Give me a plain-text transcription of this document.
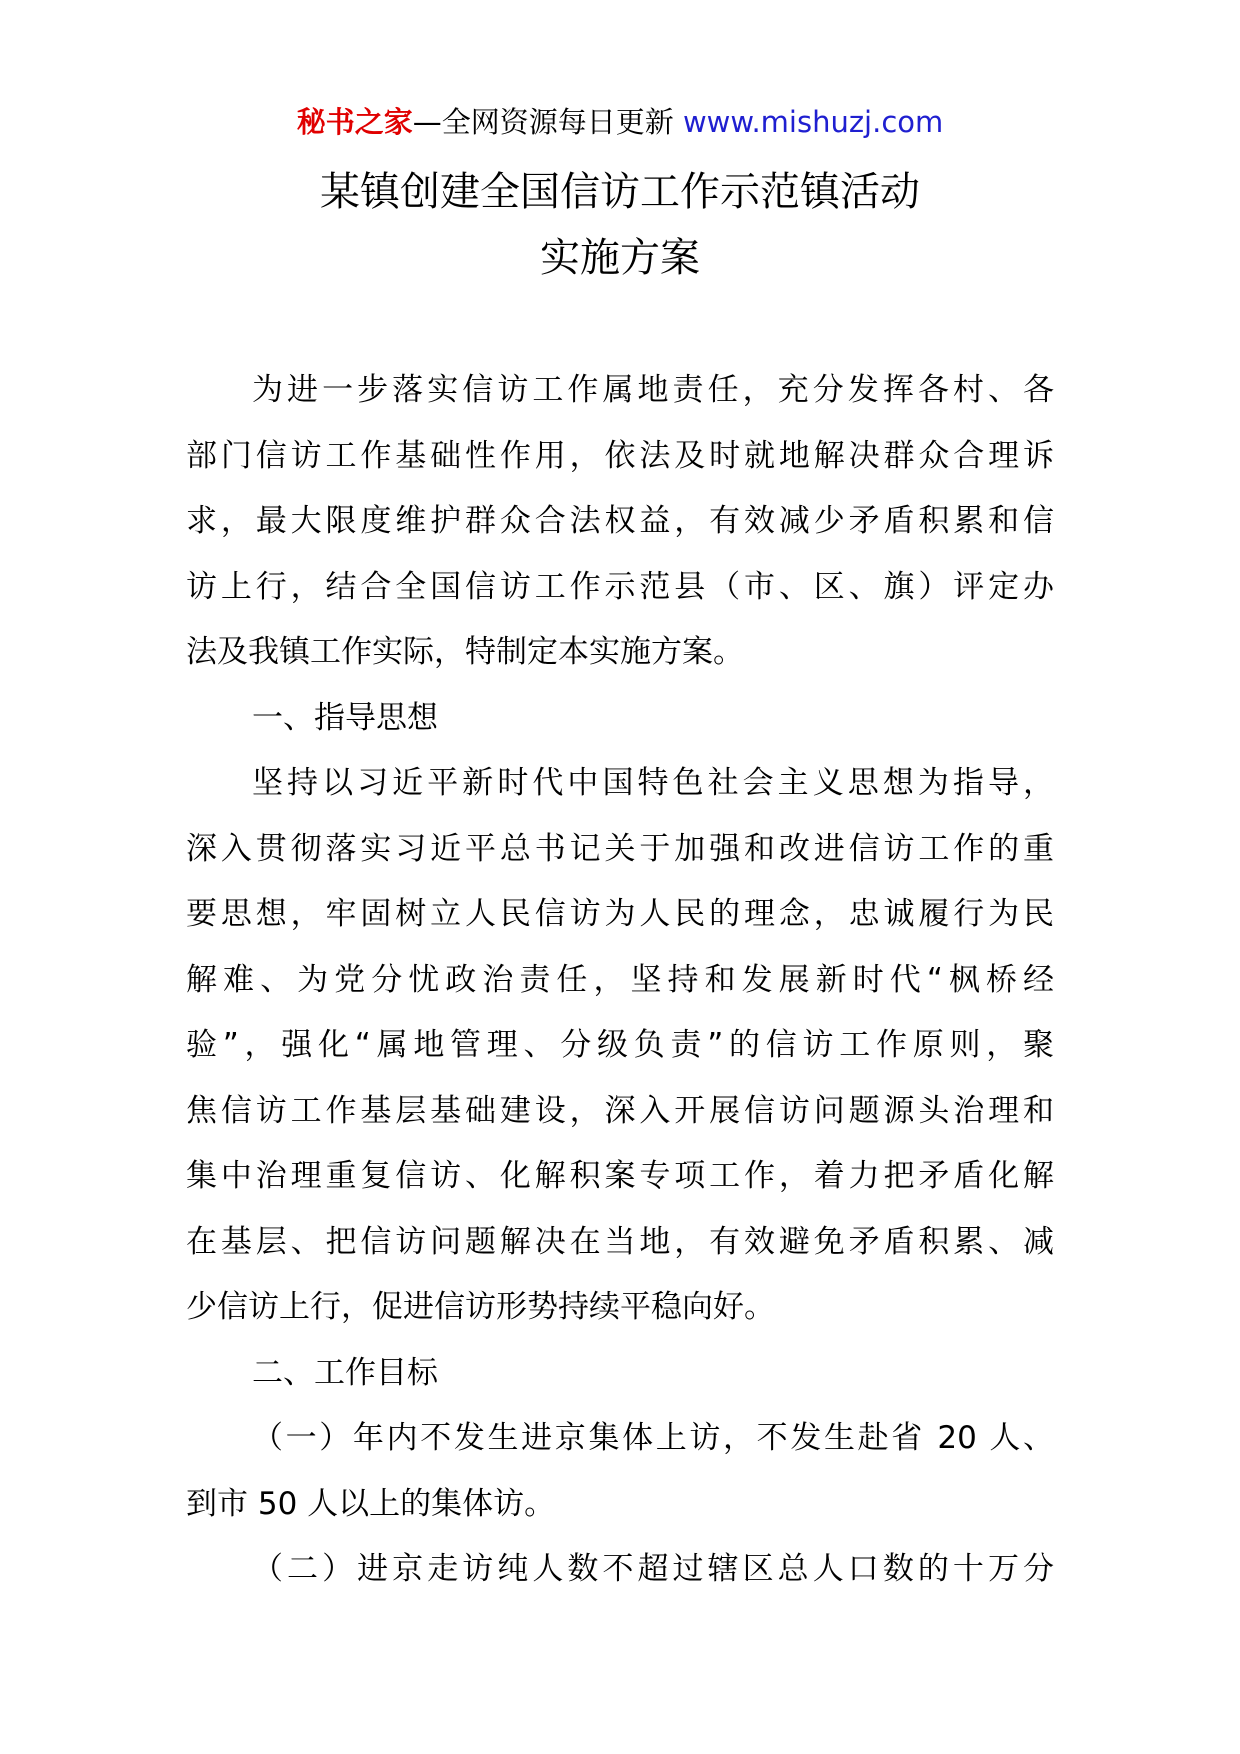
秘书之家—全网资源每日更新 www.mishuzj.com
某镇创建全国信访工作示范镇活动
实施方案
为进一步落实信访工作属地责任，充分发挥各村、各
部门信访工作基础性作用，依法及时就地解决群众合理诉
求，最大限度维护群众合法权益，有效减少矛盾积累和信
访上行，结合全国信访工作示范县（市、区、旗）评定办
法及我镇工作实际，特制定本实施方案。
一、指导思想
坚持以习近平新时代中国特色社会主义思想为指导，
深入贯彻落实习近平总书记关于加强和改进信访工作的重
要思想，牢固树立人民信访为人民的理念，忠诚履行为民
解难、为党分忧政治责任，坚持和发展新时代“枫桥经
验”，强化“属地管理、分级负责”的信访工作原则，聚
焦信访工作基层基础建设，深入开展信访问题源头治理和
集中治理重复信访、化解积案专项工作，着力把矛盾化解
在基层、把信访问题解决在当地，有效避免矛盾积累、减
少信访上行，促进信访形势持续平稳向好。
二、工作目标
（一）年内不发生进京集体上访，不发生赴省 20 人、
到市 50 人以上的集体访。
（二）进京走访纯人数不超过辖区总人口数的十万分
